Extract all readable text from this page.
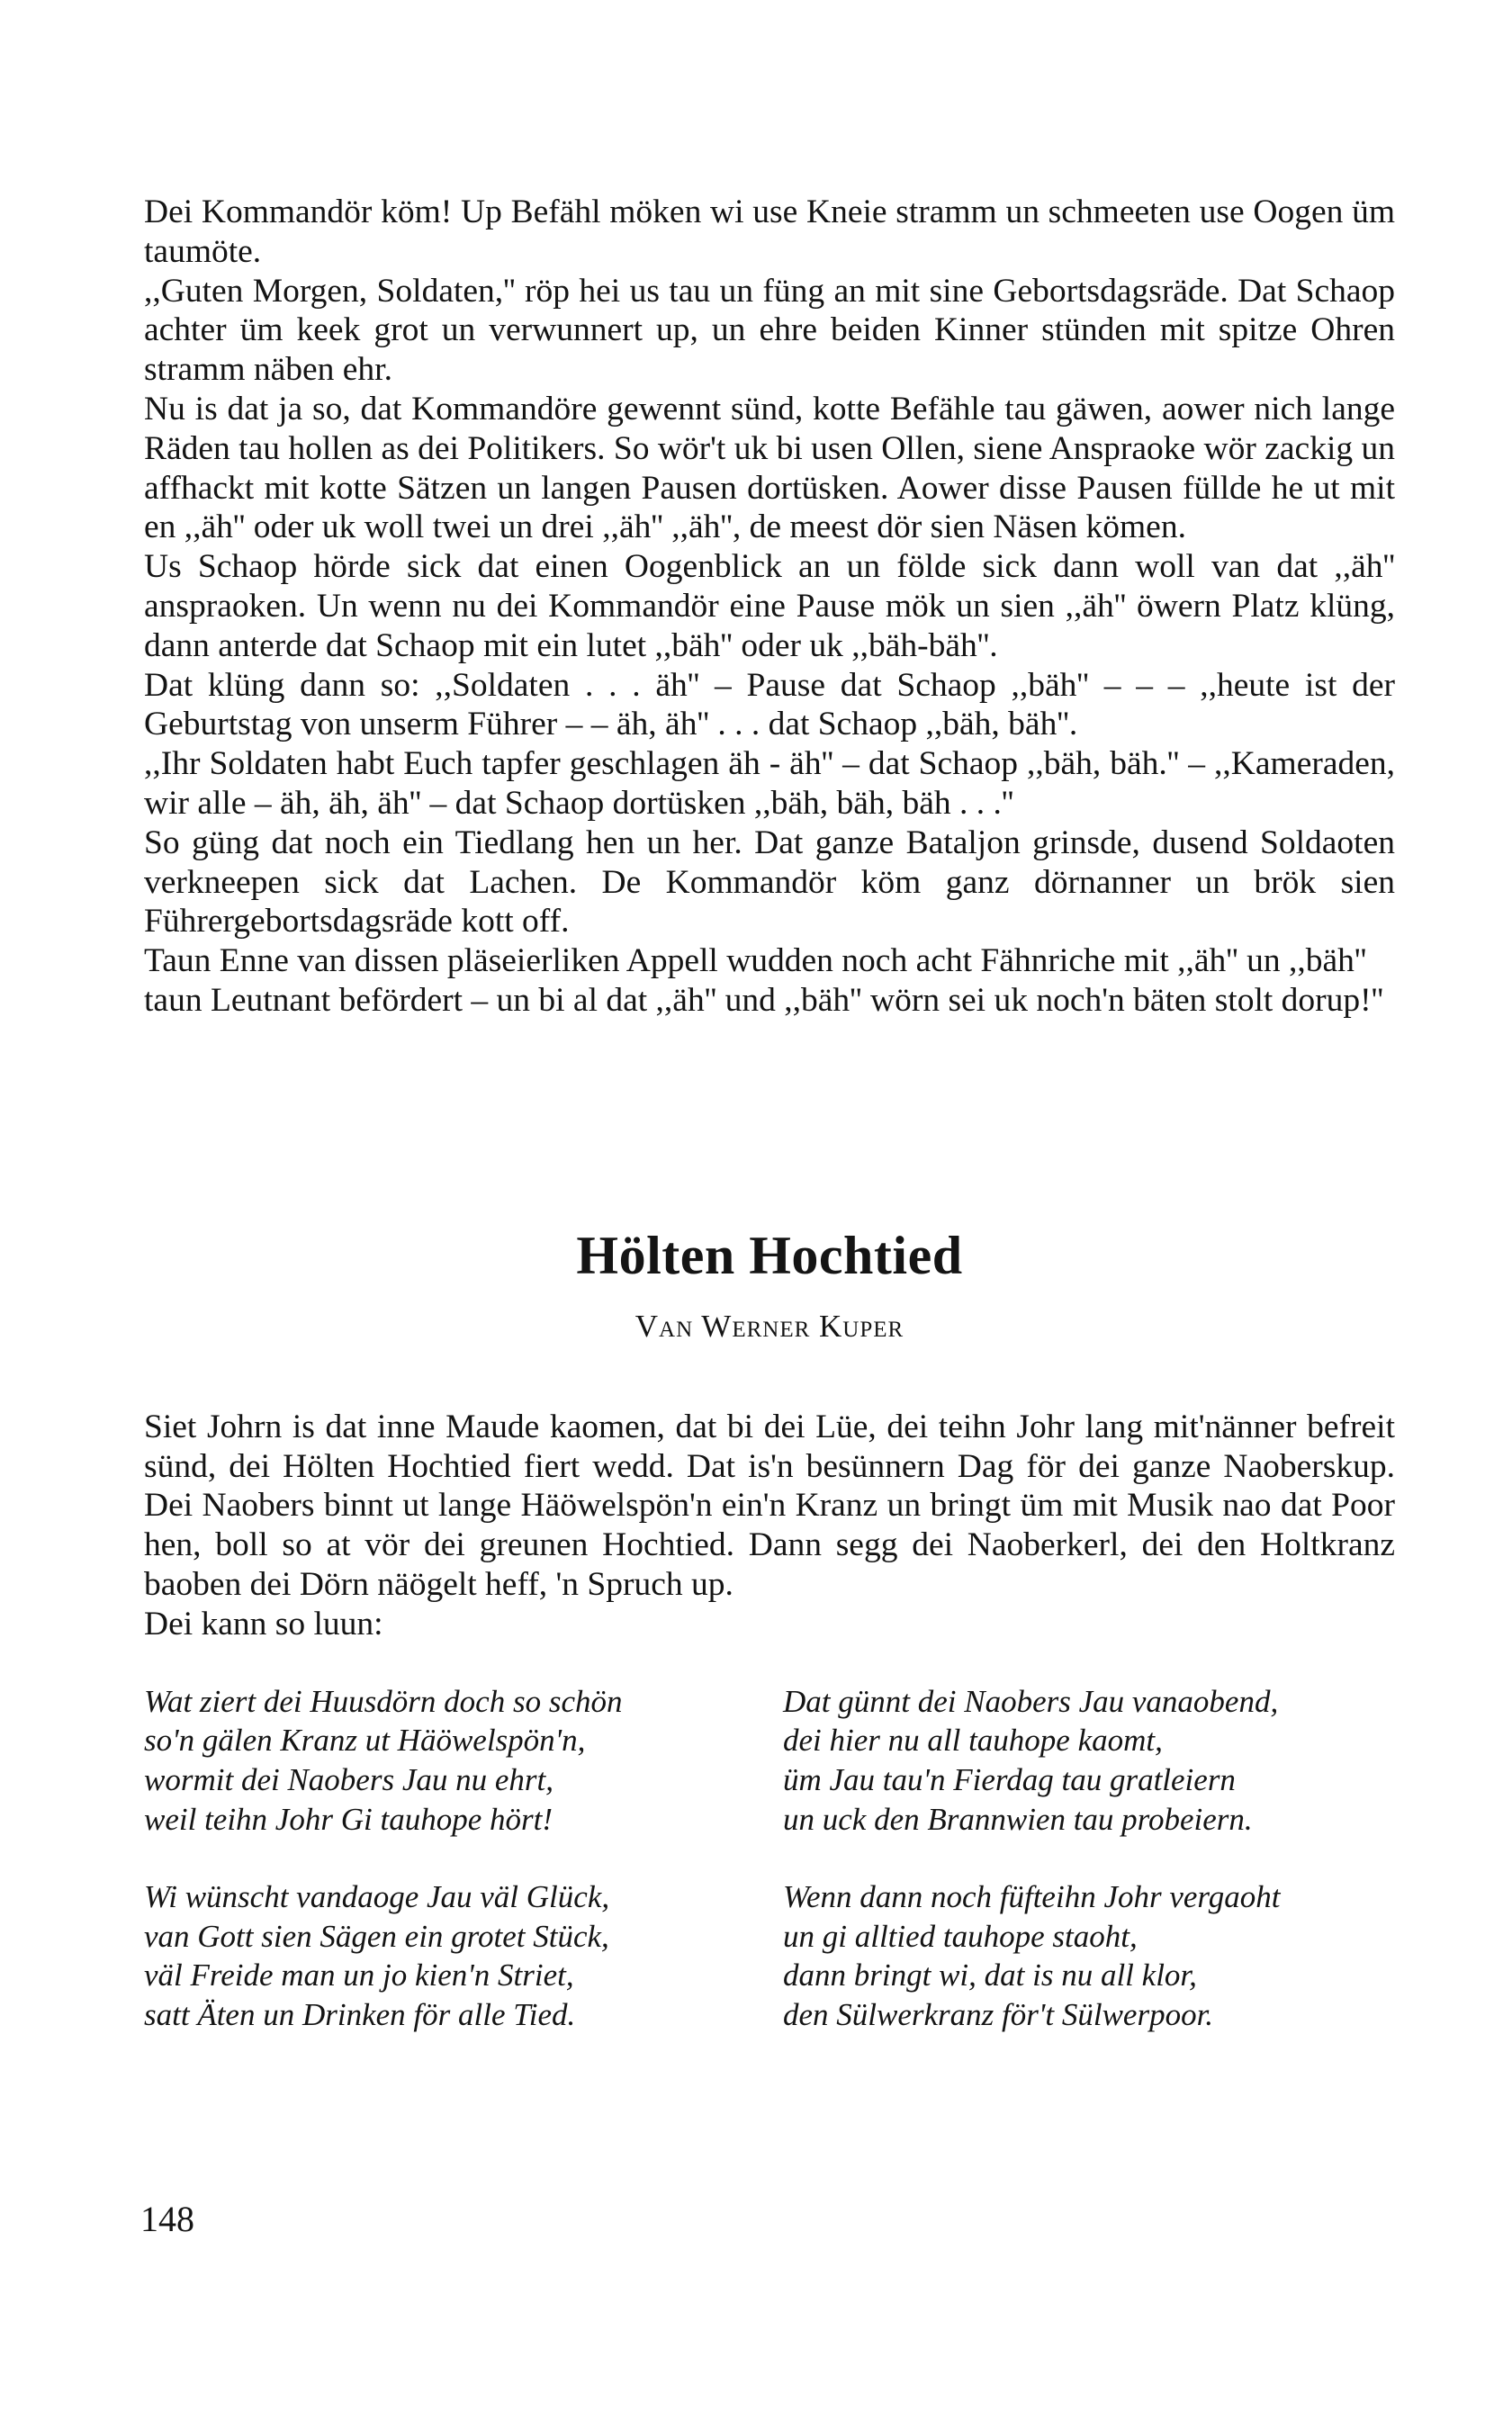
Dei Kommandör köm! Up Befähl möken wi use Kneie stramm un schmeeten use Oogen üm taumöte.

,,Guten Morgen, Soldaten,'' röp hei us tau un füng an mit sine Gebortsdagsräde. Dat Schaop achter üm keek grot un verwunnert up, un ehre beiden Kinner stünden mit spitze Ohren stramm näben ehr.

Nu is dat ja so, dat Kommandöre gewennt sünd, kotte Befähle tau gäwen, aower nich lange Räden tau hollen as dei Politikers. So wör't uk bi usen Ollen, siene Anspraoke wör zackig un affhackt mit kotte Sätzen un langen Pausen dortüsken. Aower disse Pausen füllde he ut mit en ,,äh'' oder uk woll twei un drei ,,äh'' ,,äh'', de meest dör sien Näsen kömen.

Us Schaop hörde sick dat einen Oogenblick an un földe sick dann woll van dat ,,äh'' anspraoken. Un wenn nu dei Kommandör eine Pause mök un sien ,,äh'' öwern Platz klüng, dann anterde dat Schaop mit ein lutet ,,bäh'' oder uk ,,bäh-bäh''.

Dat klüng dann so: ,,Soldaten . . . äh'' – Pause dat Schaop ,,bäh'' – – – ,,heute ist der Geburtstag von unserm Führer – – äh, äh'' . . . dat Schaop ,,bäh, bäh''.

,,Ihr Soldaten habt Euch tapfer geschlagen äh - äh'' – dat Schaop ,,bäh, bäh.'' – ,,Kameraden, wir alle – äh, äh, äh'' – dat Schaop dortüsken ,,bäh, bäh, bäh . . .''

So güng dat noch ein Tiedlang hen un her. Dat ganze Bataljon grinsde, dusend Soldaoten verkneepen sick dat Lachen. De Kommandör köm ganz dörnanner un brök sien Führergebortsdagsräde kott off.

Taun Enne van dissen pläseierliken Appell wudden noch acht Fähnriche mit ,,äh'' un ,,bäh'' taun Leutnant befördert – un bi al dat ,,äh'' und ,,bäh'' wörn sei uk noch'n bäten stolt dorup!''

Hölten Hochtied
Van Werner Kuper

Siet Johrn is dat inne Maude kaomen, dat bi dei Lüe, dei teihn Johr lang mit'nänner befreit sünd, dei Hölten Hochtied fiert wedd. Dat is'n besünnern Dag för dei ganze Naoberskup. Dei Naobers binnt ut lange Häöwelspön'n ein'n Kranz un bringt üm mit Musik nao dat Poor hen, boll so at vör dei greunen Hochtied. Dann segg dei Naoberkerl, dei den Holtkranz baoben dei Dörn näögelt heff, 'n Spruch up.

Dei kann so luun:

Wat ziert dei Huusdörn doch so schön
so'n gälen Kranz ut Häöwelspön'n,
wormit dei Naobers Jau nu ehrt,
weil teihn Johr Gi tauhope hört!
Dat günnt dei Naobers Jau vanaobend,
dei hier nu all tauhope kaomt,
üm Jau tau'n Fierdag tau gratleiern
un uck den Brannwien tau probeiern.
Wi wünscht vandaoge Jau väl Glück,
van Gott sien Sägen ein grotet Stück,
väl Freide man un jo kien'n Striet,
satt Äten un Drinken för alle Tied.
Wenn dann noch füfteihn Johr vergaoht
un gi alltied tauhope staoht,
dann bringt wi, dat is nu all klor,
den Sülwerkranz för't Sülwerpoor.
148
